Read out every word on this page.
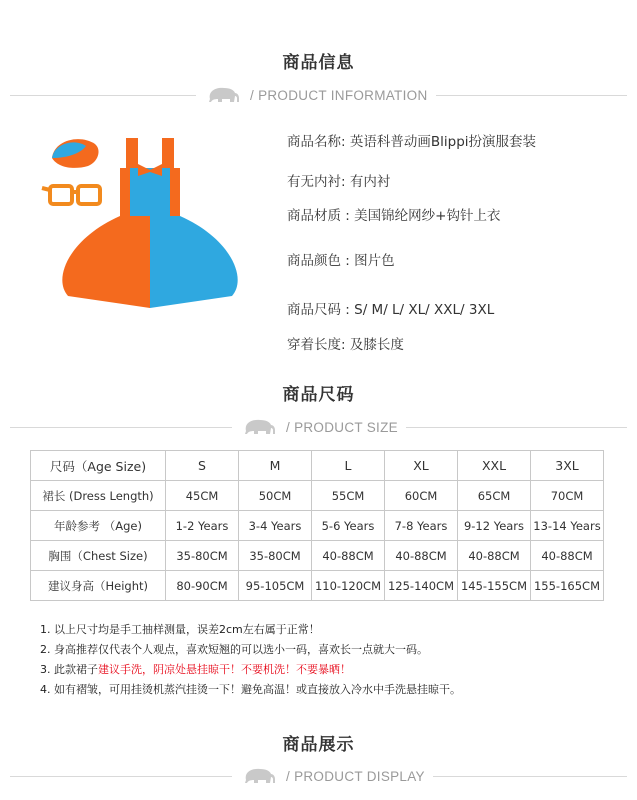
商品信息
/ PRODUCT INFORMATION
商品名称: 英语科普动画Blippi扮演服套装
有无内衬: 有内衬
商品材质 : 美国锦纶网纱+钩针上衣
商品颜色 : 图片色
商品尺码 : S/ M/ L/ XL/ XXL/ 3XL
穿着长度: 及膝长度
商品尺码
/ PRODUCT SIZE
尺码（Age Size)	S	M	L	XL	XXL	3XL
裙长 (Dress Length)	45CM	50CM	55CM	60CM	65CM	70CM
年龄参考 （Age)	1-2 Years	3-4 Years	5-6 Years	7-8 Years	9-12 Years	13-14 Years
胸围（Chest Size)	35-80CM	35-80CM	40-88CM	40-88CM	40-88CM	40-88CM
建议身高（Height)	80-90CM	95-105CM	110-120CM	125-140CM	145-155CM	155-165CM
1. 以上尺寸均是手工抽样测量，误差2cm左右属于正常！
2. 身高推荐仅代表个人观点，喜欢短翘的可以选小一码，喜欢长一点就大一码。
3. 此款裙子建议手洗，阴凉处悬挂晾干！不要机洗！不要暴晒！
4. 如有褶皱，可用挂烫机蒸汽挂烫一下！避免高温！或直接放入冷水中手洗悬挂晾干。
商品展示
/ PRODUCT DISPLAY
